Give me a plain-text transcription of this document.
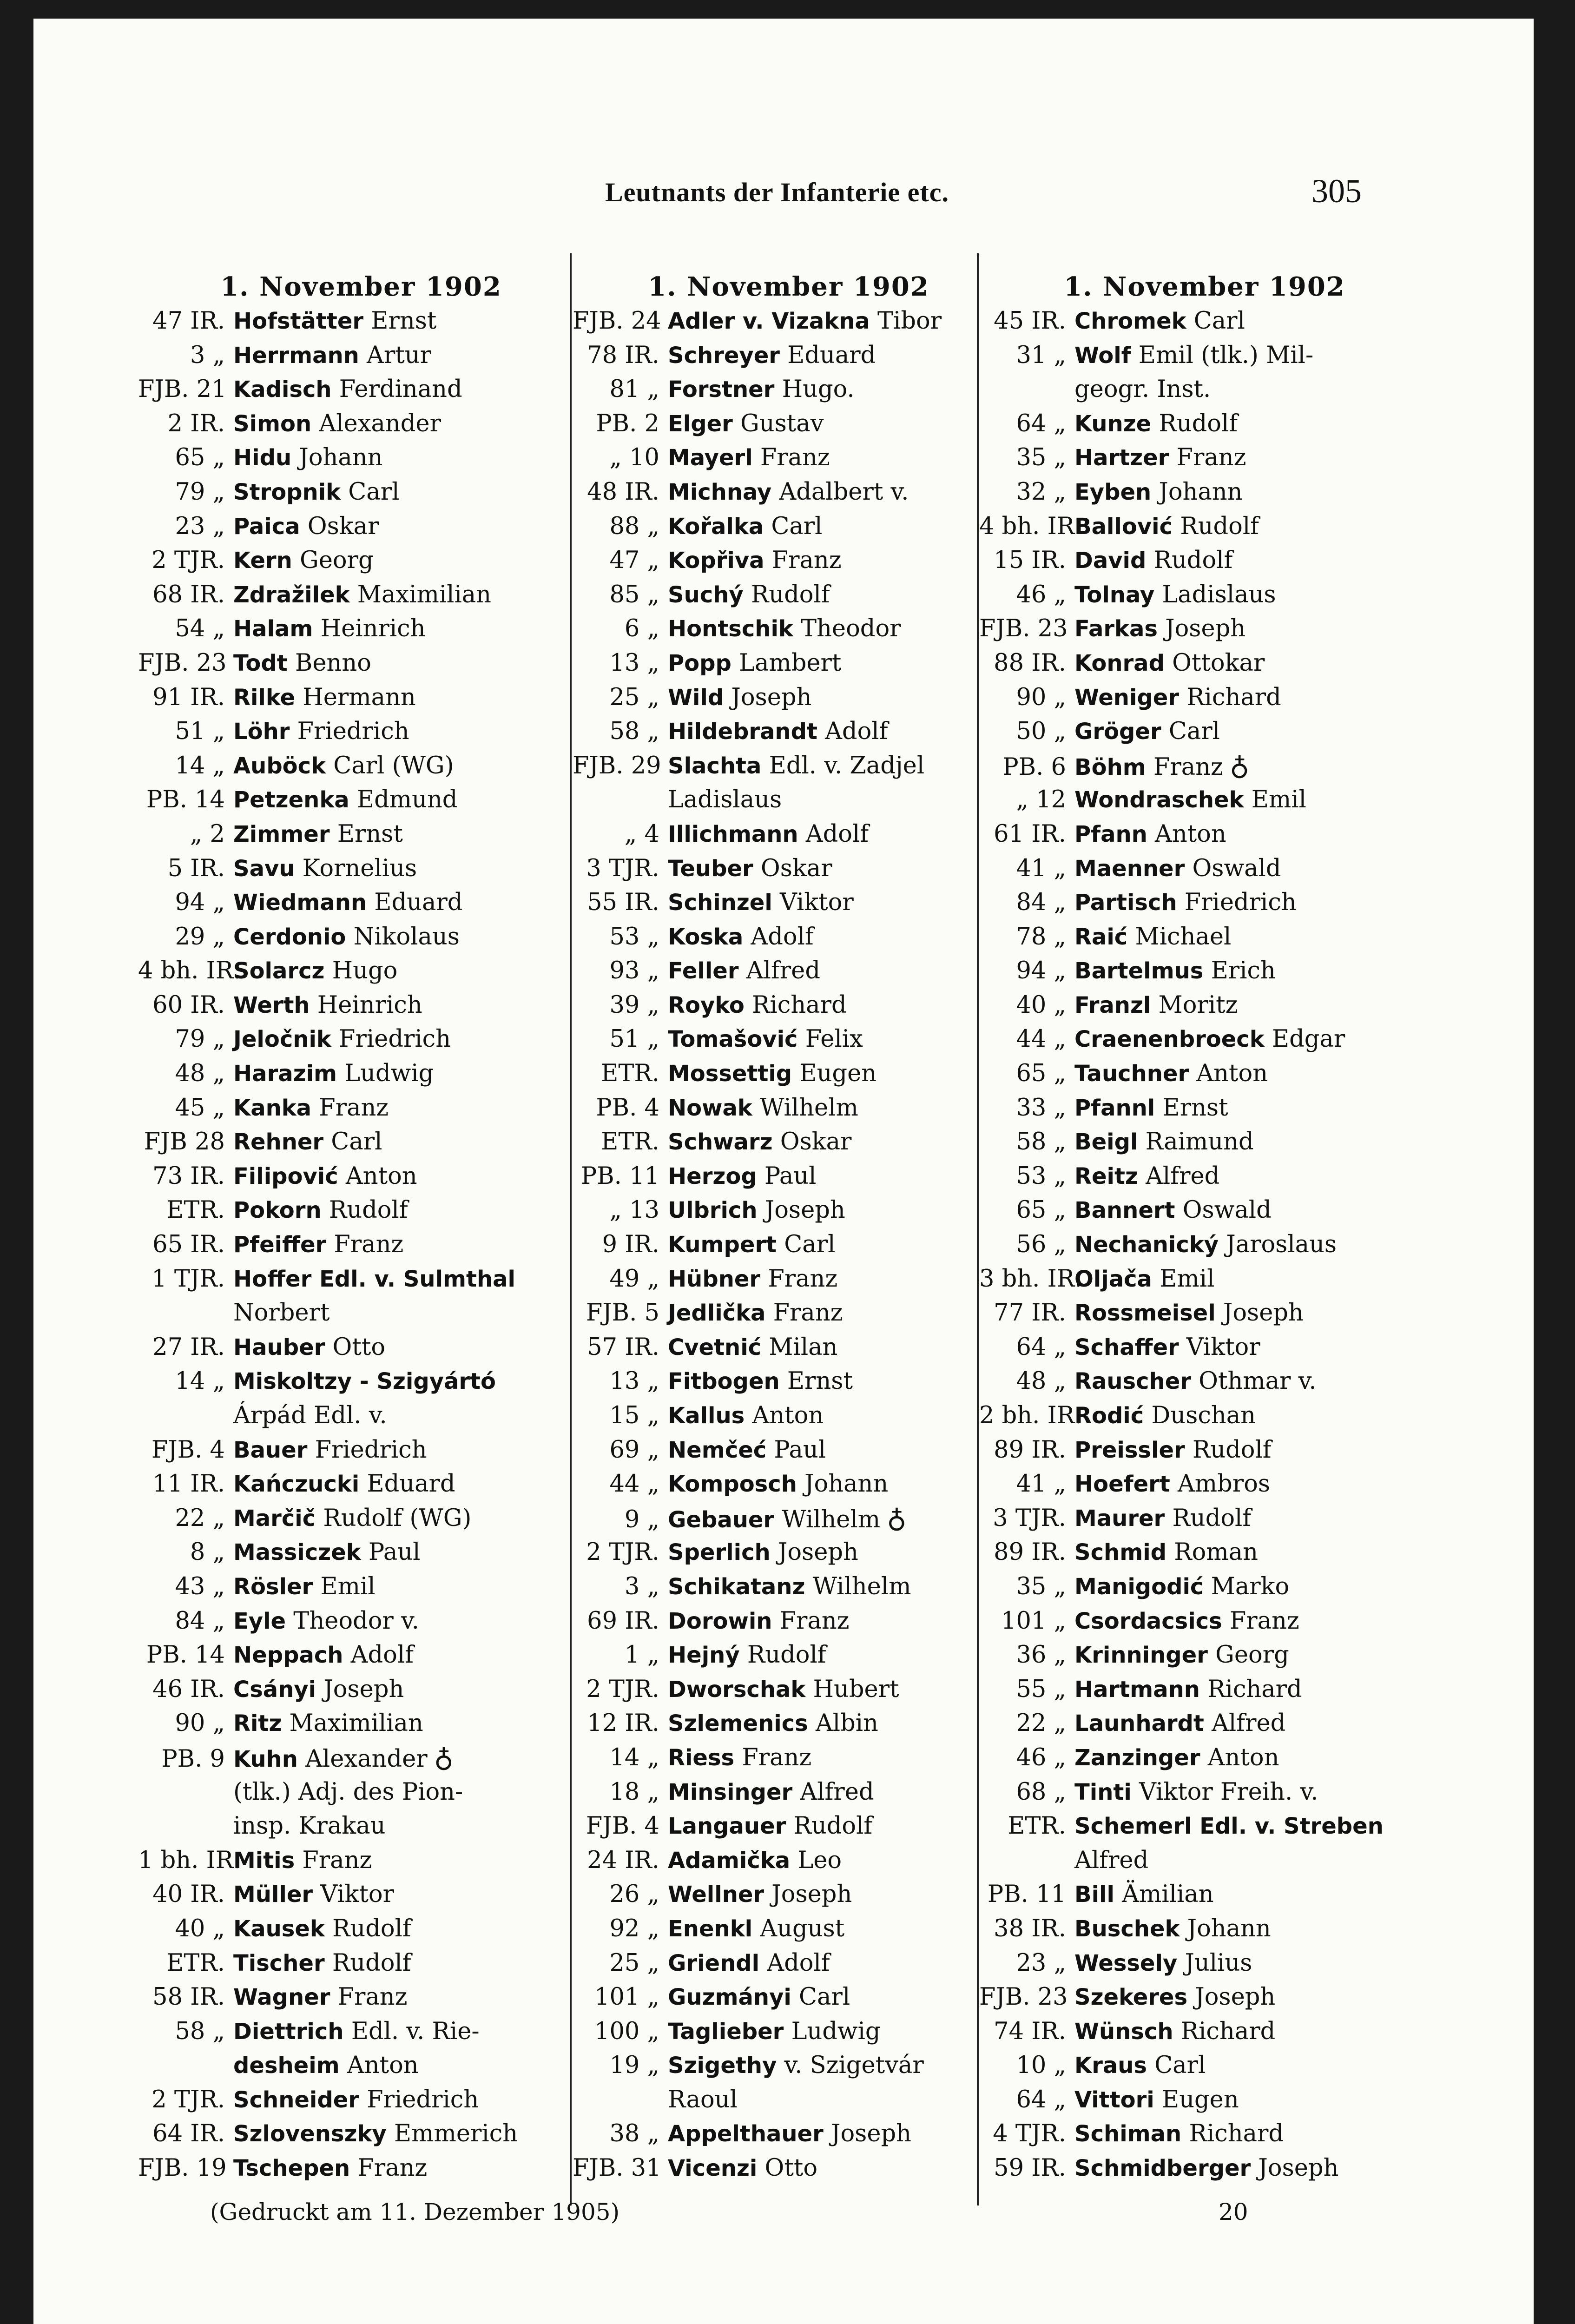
Leutnants der Infanterie etc.	305
1. November 1902
47 IR. Hofstätter Ernst
3 „ Herrmann Artur
FJB. 21 Kadisch Ferdinand
2 IR. Simon Alexander
65 „ Hidu Johann
79 „ Stropnik Carl
23 „ Paica Oskar
2 TJR. Kern Georg
68 IR. Zdražilek Maximilian
54 „ Halam Heinrich
FJB. 23 Todt Benno
91 IR. Rilke Hermann
51 „ Löhr Friedrich
14 „ Auböck Carl (WG)
PB. 14 Petzenka Edmund
„ 2 Zimmer Ernst
5 IR. Savu Kornelius
94 „ Wiedmann Eduard
29 „ Cerdonio Nikolaus
4 bh. IR.
Solarcz Hugo
60 IR. Werth Heinrich
79 „ Jeločnik Friedrich
48 „ Harazim Ludwig
45 „ Kanka Franz
FJB 28 Rehner Carl
73 IR. Filipović Anton
ETR. Pokorn Rudolf
65 IR. Pfeiffer Franz
1 TJR. Hoffer Edl. v. Sulmthal
Norbert
27 IR. Hauber Otto
14 „ Miskoltzy - Szigyártó
Árpád Edl. v.
FJB. 4 Bauer Friedrich
11 IR. Kańczucki Eduard
22 „ Marčič Rudolf (WG)
8 „ Massiczek Paul
43 „ Rösler Emil
84 „ Eyle Theodor v.
PB. 14 Neppach Adolf
46 IR. Csányi Joseph
90 „ Ritz Maximilian
PB. 9 Kuhn Alexander ♁
(tlk.) Adj. des Pion-
insp. Krakau
1 bh. IR.
Mitis Franz
40 IR. Müller Viktor
40 „ Kausek Rudolf
ETR. Tischer Rudolf
58 IR. Wagner Franz
58 „ Diettrich Edl. v. Rie-
desheim Anton
2 TJR. Schneider Friedrich
64 IR. Szlovenszky Emmerich
FJB. 19 Tschepen Franz
1. November 1902
FJB. 24 Adler v. Vizakna Tibor
78 IR. Schreyer Eduard
81 „ Forstner Hugo.
PB. 2 Elger Gustav
„ 10 Mayerl Franz
48 IR. Michnay Adalbert v.
88 „ Kořalka Carl
47 „ Kopřiva Franz
85 „ Suchý Rudolf
6 „ Hontschik Theodor
13 „ Popp Lambert
25 „ Wild Joseph
58 „ Hildebrandt Adolf
FJB. 29 Slachta Edl. v. Zadjel
Ladislaus
„ 4 Illichmann Adolf
3 TJR. Teuber Oskar
55 IR. Schinzel Viktor
53 „ Koska Adolf
93 „ Feller Alfred
39 „ Royko Richard
51 „ Tomašović Felix
ETR. Mossettig Eugen
PB. 4 Nowak Wilhelm
ETR. Schwarz Oskar
PB. 11 Herzog Paul
„ 13 Ulbrich Joseph
9 IR. Kumpert Carl
49 „ Hübner Franz
FJB. 5 Jedlička Franz
57 IR. Cvetnić Milan
13 „ Fitbogen Ernst
15 „ Kallus Anton
69 „ Nemčeć Paul
44 „ Komposch Johann
9 „ Gebauer Wilhelm ♁
2 TJR. Sperlich Joseph
3 „ Schikatanz Wilhelm
69 IR. Dorowin Franz
1 „ Hejný Rudolf
2 TJR. Dworschak Hubert
12 IR. Szlemenics Albin
14 „ Riess Franz
18 „ Minsinger Alfred
FJB. 4 Langauer Rudolf
24 IR. Adamička Leo
26 „ Wellner Joseph
92 „ Enenkl August
25 „ Griendl Adolf
101 „ Guzmányi Carl
100 „ Taglieber Ludwig
19 „ Szigethy v. Szigetvár
Raoul
38 „ Appelthauer Joseph
FJB. 31 Vicenzi Otto
1. November 1902
45 IR. Chromek Carl
31 „ Wolf Emil (tlk.) Mil-
geogr. Inst.
64 „ Kunze Rudolf
35 „ Hartzer Franz
32 „ Eyben Johann
4 bh. IR Ballović Rudolf
15 IR. David Rudolf
46 „ Tolnay Ladislaus
FJB. 23 Farkas Joseph
88 IR. Konrad Ottokar
90 „ Weniger Richard
50 „ Gröger Carl
PB. 6 Böhm Franz ♁
„ 12 Wondraschek Emil
61 IR. Pfann Anton
41 „ Maenner Oswald
84 „ Partisch Friedrich
78 „ Raić Michael
94 „ Bartelmus Erich
40 „ Franzl Moritz
44 „ Craenenbroeck Edgar
65 „ Tauchner Anton
33 „ Pfannl Ernst
58 „ Beigl Raimund
53 „ Reitz Alfred
65 „ Bannert Oswald
56 „ Nechanický Jaroslaus
3 bh. IR.
Oljača Emil
77 IR. Rossmeisel Joseph
64 „ Schaffer Viktor
48 „ Rauscher Othmar v.
2 bh. IR.
Rodić Duschan
89 IR. Preissler Rudolf
41 „ Hoefert Ambros
3 TJR. Maurer Rudolf
89 IR. Schmid Roman
35 „ Manigodić Marko
101 „ Csordacsics Franz
36 „ Krinninger Georg
55 „ Hartmann Richard
22 „ Launhardt Alfred
46 „ Zanzinger Anton
68 „ Tinti Viktor Freih. v.
ETR. Schemerl Edl. v. Streben
Alfred
PB. 11 Bill Ämilian
38 IR. Buschek Johann
23 „ Wessely Julius
FJB. 23 Szekeres Joseph
74 IR. Wünsch Richard
10 „ Kraus Carl
64 „ Vittori Eugen
4 TJR. Schiman Richard
59 IR. Schmidberger Joseph
(Gedruckt am 11. Dezember 1905)	20
